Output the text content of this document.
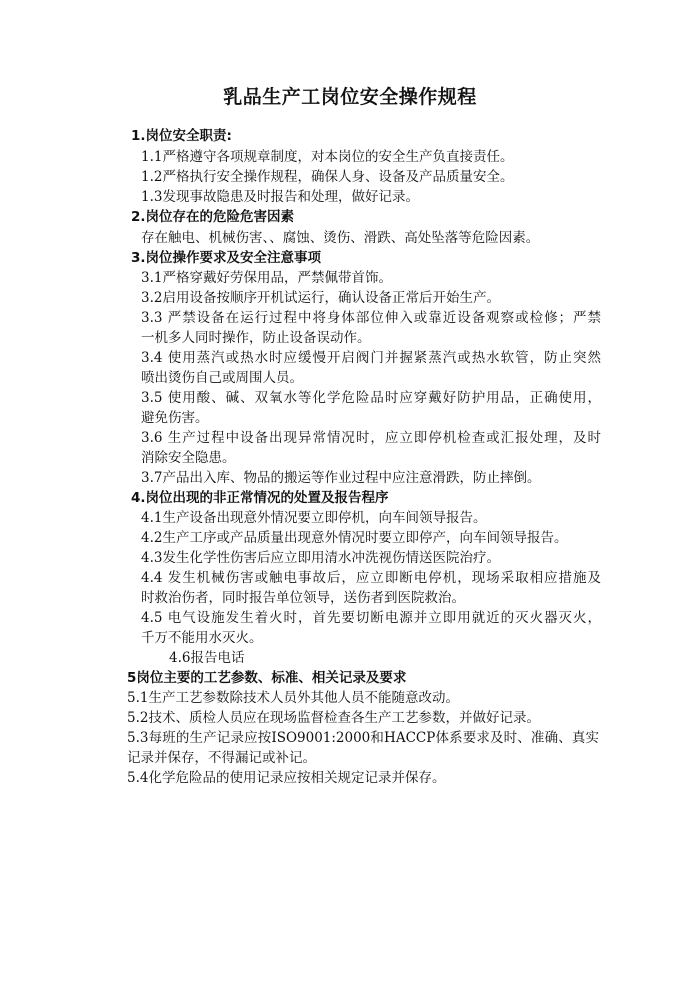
乳品生产工岗位安全操作规程
1.岗位安全职责:
1.1严格遵守各项规章制度，对本岗位的安全生产负直接责任。
1.2严格执行安全操作规程，确保人身、设备及产品质量安全。
1.3发现事故隐患及时报告和处理，做好记录。
2.岗位存在的危险危害因素
存在触电、机械伤害、、腐蚀、烫伤、滑跌、高处坠落等危险因素。
3.岗位操作要求及安全注意事项
3.1严格穿戴好劳保用品，严禁佩带首饰。
3.2启用设备按顺序开机试运行，确认设备正常后开始生产。
3.3 严禁设备在运行过程中将身体部位伸入或靠近设备观察或检修；严禁
一机多人同时操作，防止设备误动作。
3.4 使用蒸汽或热水时应缓慢开启阀门并握紧蒸汽或热水软管，防止突然
喷出烫伤自己或周围人员。
3.5 使用酸、碱、双氧水等化学危险品时应穿戴好防护用品，正确使用，
避免伤害。
3.6 生产过程中设备出现异常情况时，应立即停机检查或汇报处理，及时
消除安全隐患。
3.7产品出入库、物品的搬运等作业过程中应注意滑跌，防止摔倒。
4.岗位出现的非正常情况的处置及报告程序
4.1生产设备出现意外情况要立即停机，向车间领导报告。
4.2生产工序或产品质量出现意外情况时要立即停产，向车间领导报告。
4.3发生化学性伤害后应立即用清水冲洗视伤情送医院治疗。
4.4 发生机械伤害或触电事故后，应立即断电停机，现场采取相应措施及
时救治伤者，同时报告单位领导，送伤者到医院救治。
4.5 电气设施发生着火时，首先要切断电源并立即用就近的灭火器灭火，
千万不能用水灭火。
4.6报告电话
5岗位主要的工艺参数、标准、相关记录及要求
5.1生产工艺参数除技术人员外其他人员不能随意改动。
5.2技术、质检人员应在现场监督检查各生产工艺参数，并做好记录。
5.3每班的生产记录应按ISO9001:2000和HACCP体系要求及时、准确、真实
记录并保存，不得漏记或补记。
5.4化学危险品的使用记录应按相关规定记录并保存。
